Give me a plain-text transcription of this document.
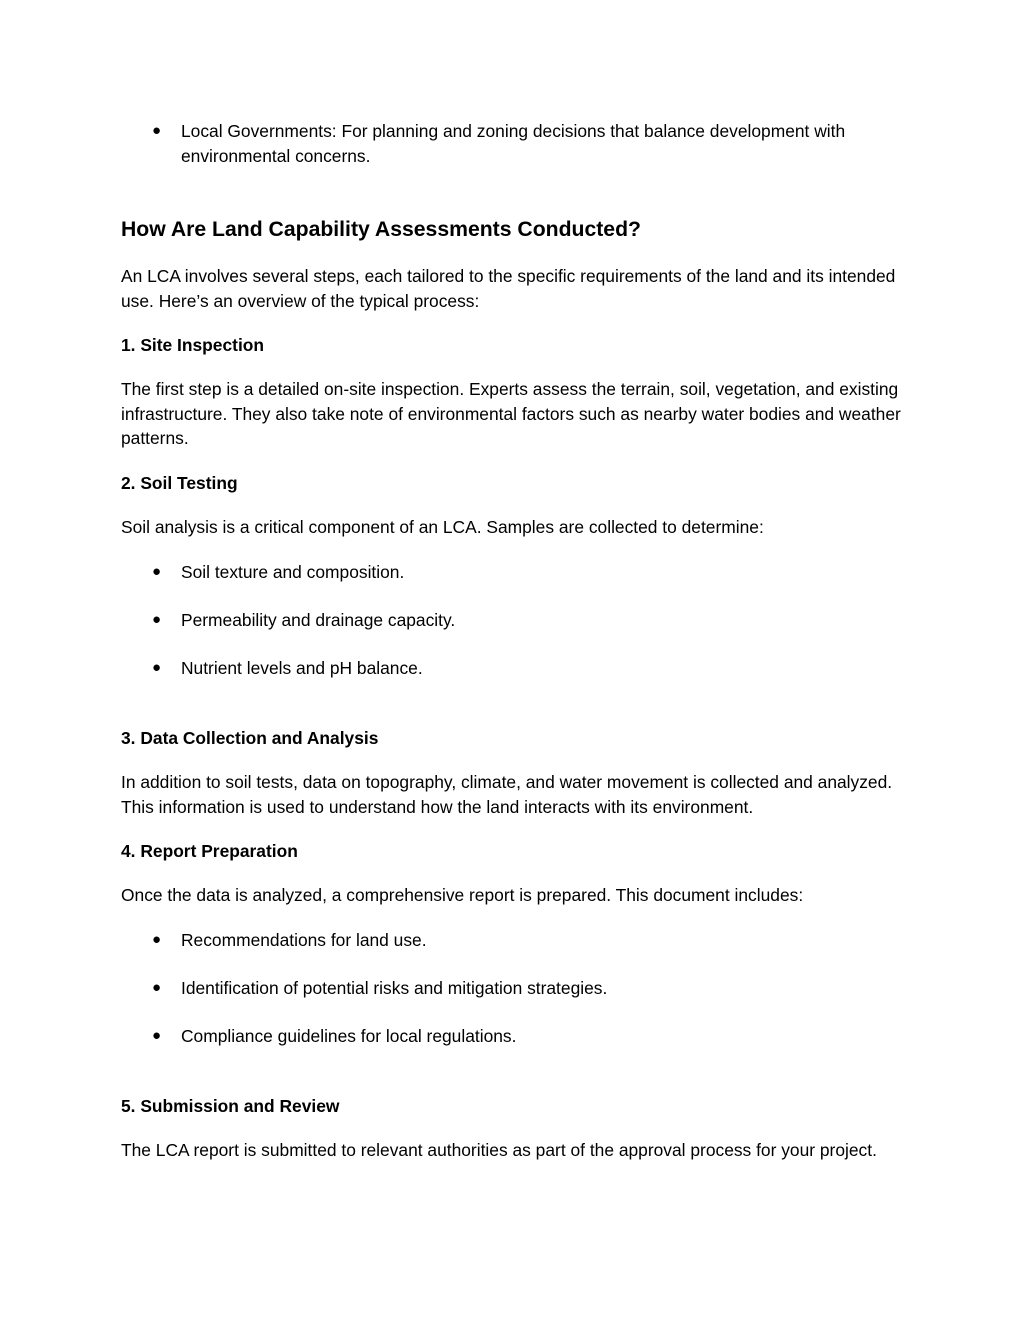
● Local Governments: For planning and zoning decisions that balance development with environmental concerns.
How Are Land Capability Assessments Conducted?
An LCA involves several steps, each tailored to the specific requirements of the land and its intended use. Here’s an overview of the typical process:
1. Site Inspection
The first step is a detailed on-site inspection. Experts assess the terrain, soil, vegetation, and existing infrastructure. They also take note of environmental factors such as nearby water bodies and weather patterns.
2. Soil Testing
Soil analysis is a critical component of an LCA. Samples are collected to determine:
● Soil texture and composition.
● Permeability and drainage capacity.
● Nutrient levels and pH balance.
3. Data Collection and Analysis
In addition to soil tests, data on topography, climate, and water movement is collected and analyzed. This information is used to understand how the land interacts with its environment.
4. Report Preparation
Once the data is analyzed, a comprehensive report is prepared. This document includes:
● Recommendations for land use.
● Identification of potential risks and mitigation strategies.
● Compliance guidelines for local regulations.
5. Submission and Review
The LCA report is submitted to relevant authorities as part of the approval process for your project.
